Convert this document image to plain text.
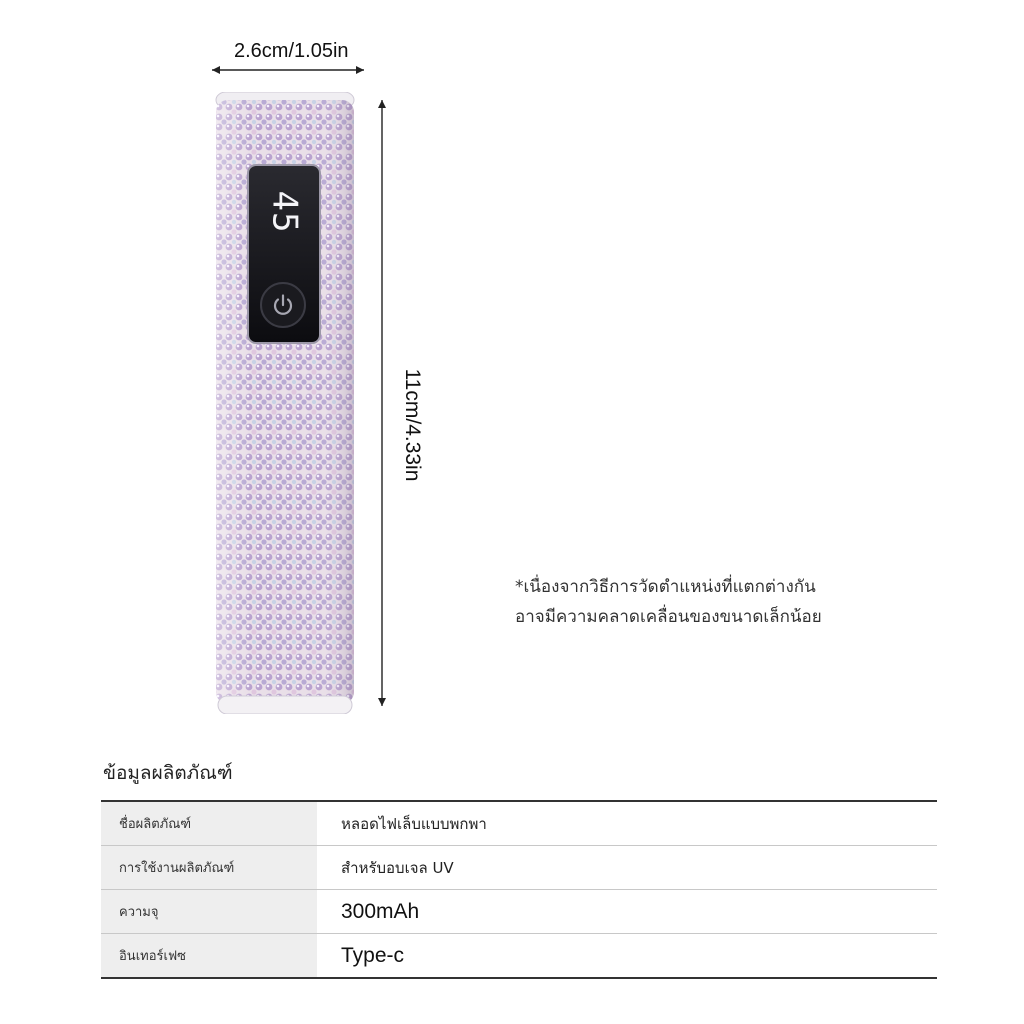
2.6cm/1.05in
11cm/4.33in
45
*เนื่องจากวิธีการวัดตำแหน่งที่แตกต่างกัน
อาจมีความคลาดเคลื่อนของขนาดเล็กน้อย
ข้อมูลผลิตภัณฑ์
ชื่อผลิตภัณฑ์	หลอดไฟเล็บแบบพกพา
การใช้งานผลิตภัณฑ์	สำหรับอบเจล UV
ความจุ	300mAh
อินเทอร์เฟซ	Type-c
